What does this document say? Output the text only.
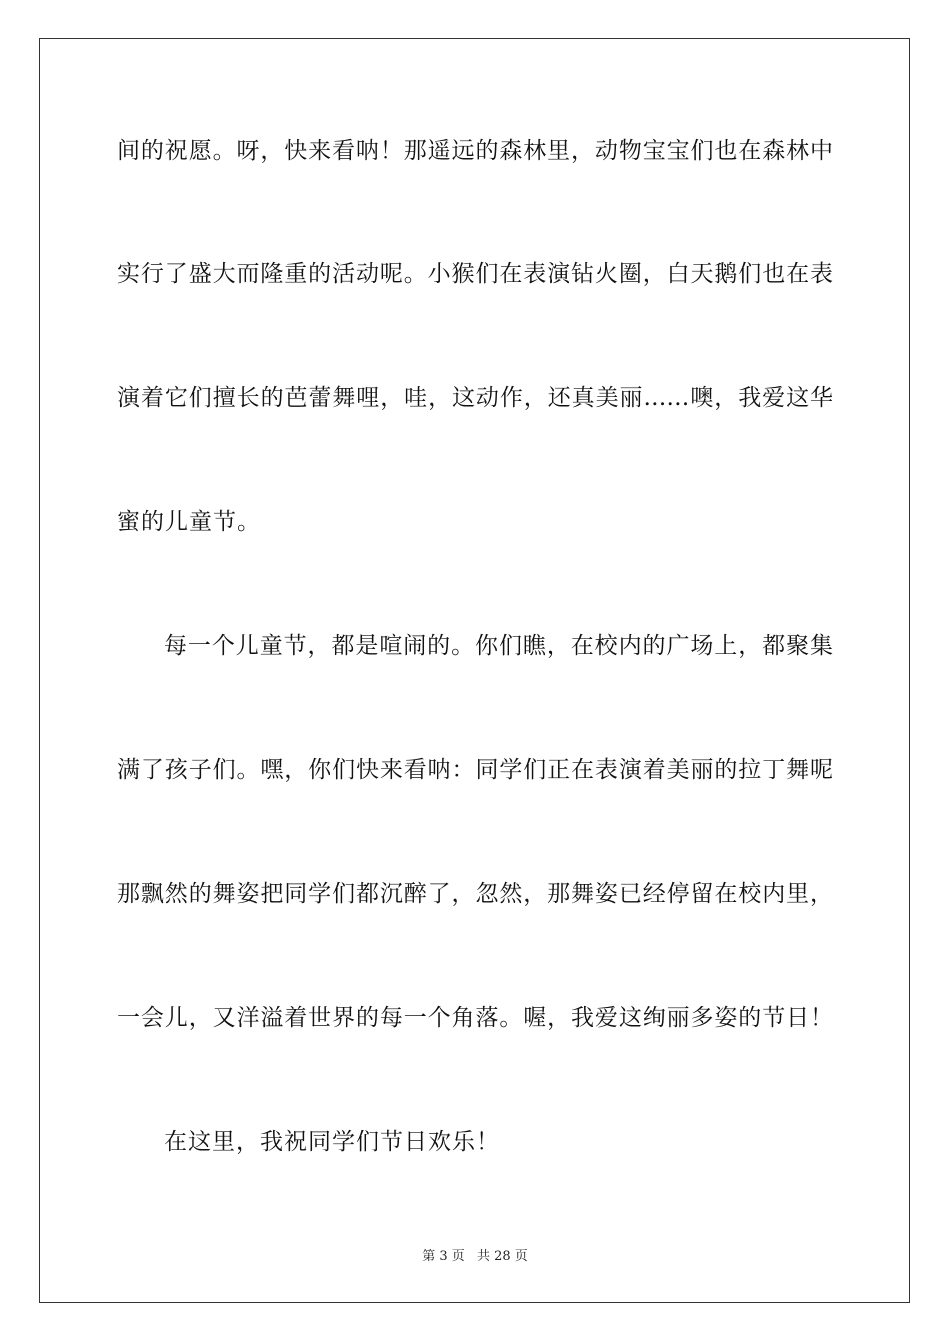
间的祝愿。呀，快来看呐！那遥远的森林里，动物宝宝们也在森林中
实行了盛大而隆重的活动呢。小猴们在表演钻火圈，白天鹅们也在表
演着它们擅长的芭蕾舞哩，哇，这动作，还真美丽……噢，我爱这华
蜜的儿童节。
每一个儿童节，都是喧闹的。你们瞧，在校内的广场上，都聚集
满了孩子们。嘿，你们快来看呐：同学们正在表演着美丽的拉丁舞呢
那飘然的舞姿把同学们都沉醉了，忽然，那舞姿已经停留在校内里，
一会儿，又洋溢着世界的每一个角落。喔，我爱这绚丽多姿的节日！
在这里，我祝同学们节日欢乐！
第 3 页 共 28 页
